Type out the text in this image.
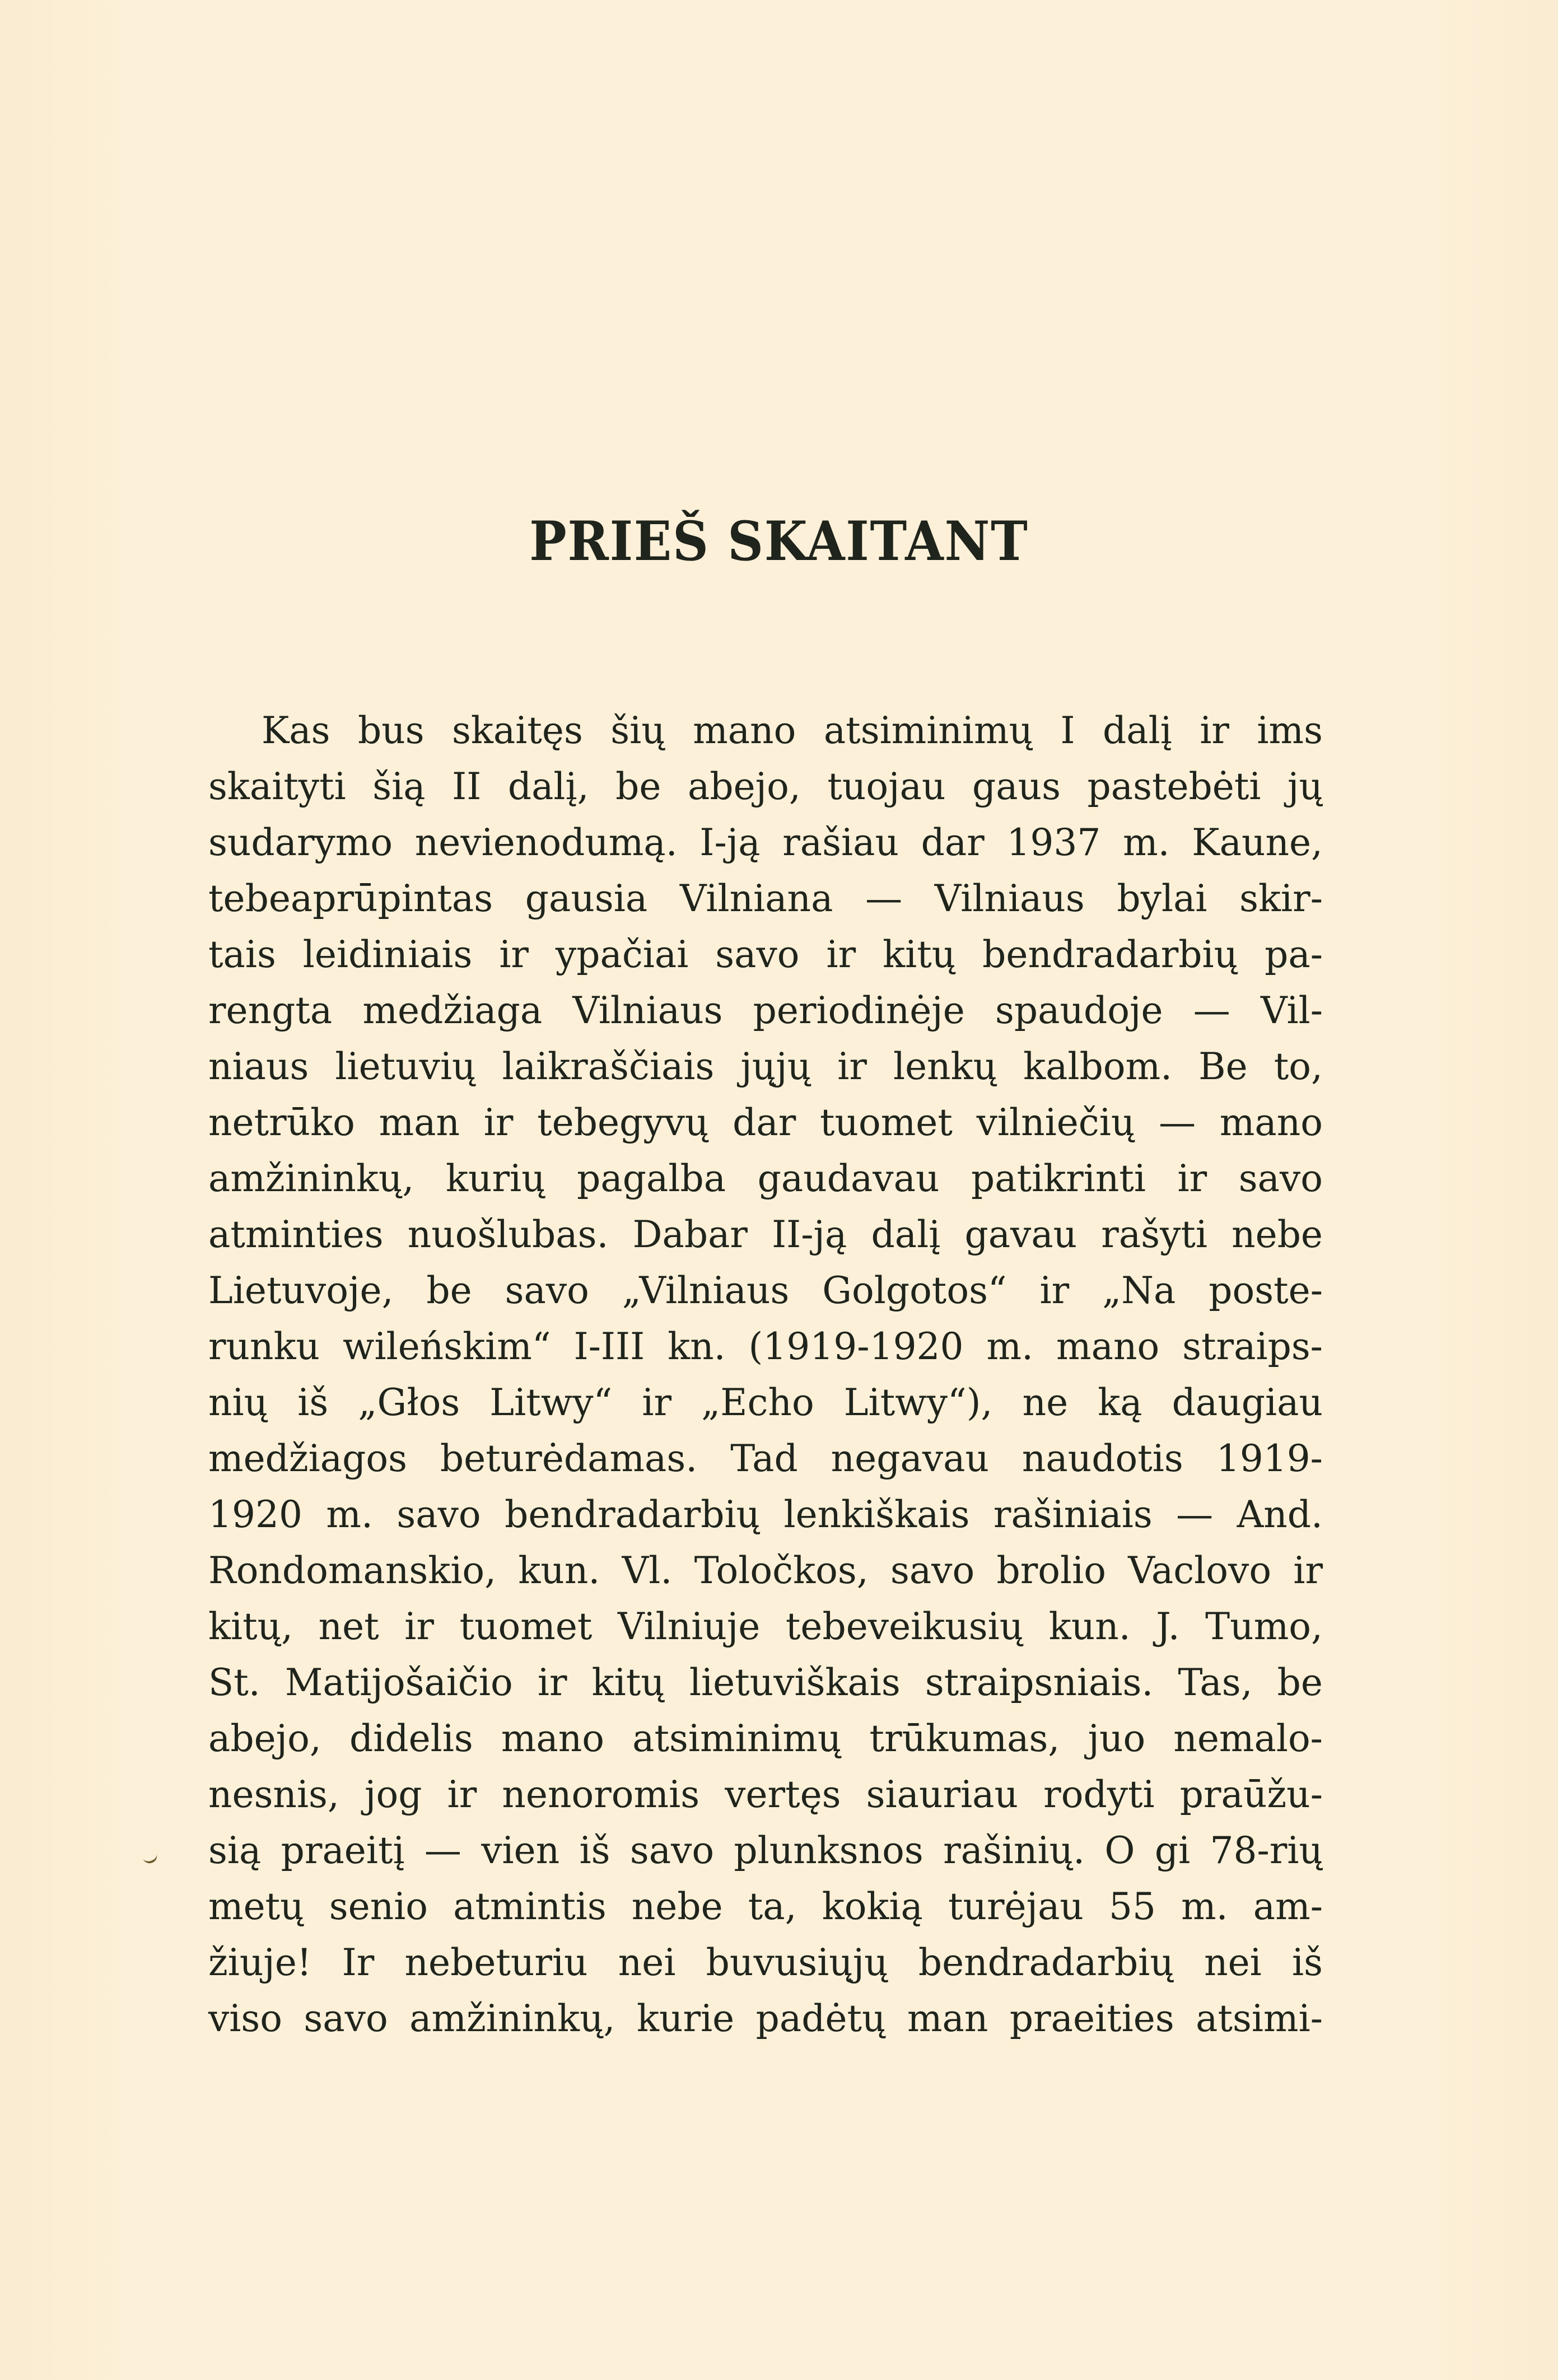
PRIEŠ SKAITANT
Kas bus skaitęs šių mano atsiminimų I dalį ir ims
skaityti šią II dalį, be abejo, tuojau gaus pastebėti jų
sudarymo nevienodumą. I-ją rašiau dar 1937 m. Kaune,
tebeaprūpintas gausia Vilniana — Vilniaus bylai skir-
tais leidiniais ir ypačiai savo ir kitų bendradarbių pa-
rengta medžiaga Vilniaus periodinėje spaudoje — Vil-
niaus lietuvių laikraščiais jųjų ir lenkų kalbom. Be to,
netrūko man ir tebegyvų dar tuomet vilniečių — mano
amžininkų, kurių pagalba gaudavau patikrinti ir savo
atminties nuošlubas. Dabar II-ją dalį gavau rašyti nebe
Lietuvoje, be savo „Vilniaus Golgotos“ ir „Na poste-
runku wileńskim“ I-III kn. (1919-1920 m. mano straips-
nių iš „Głos Litwy“ ir „Echo Litwy“), ne ką daugiau
medžiagos beturėdamas. Tad negavau naudotis 1919-
1920 m. savo bendradarbių lenkiškais rašiniais — And.
Rondomanskio, kun. Vl. Toločkos, savo brolio Vaclovo ir
kitų, net ir tuomet Vilniuje tebeveikusių kun. J. Tumo,
St. Matijošaičio ir kitų lietuviškais straipsniais. Tas, be
abejo, didelis mano atsiminimų trūkumas, juo nemalo-
nesnis, jog ir nenoromis vertęs siauriau rodyti praūžu-
sią praeitį — vien iš savo plunksnos rašinių. O gi 78-rių
metų senio atmintis nebe ta, kokią turėjau 55 m. am-
žiuje! Ir nebeturiu nei buvusiųjų bendradarbių nei iš
viso savo amžininkų, kurie padėtų man praeities atsimi-
